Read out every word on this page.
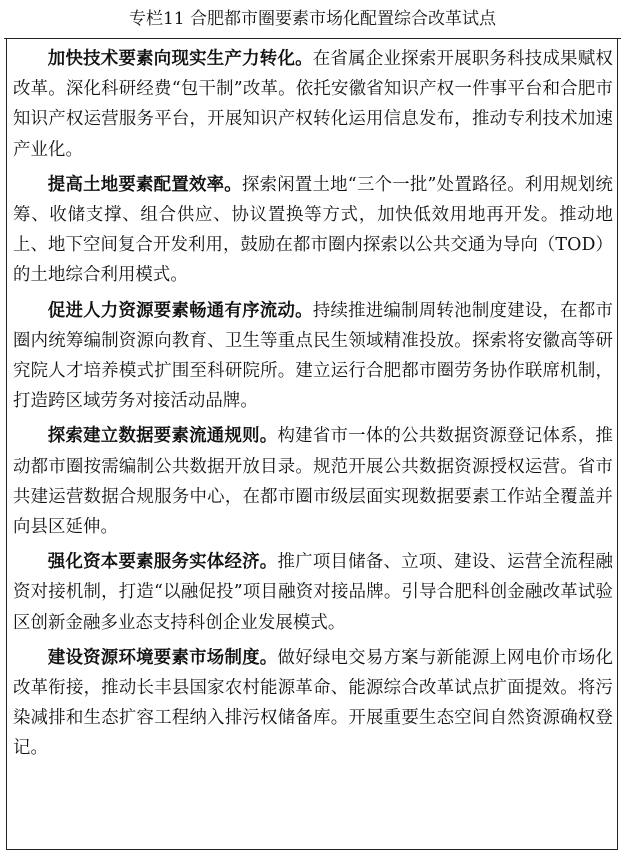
专栏11 合肥都市圈要素市场化配置综合改革试点

加快技术要素向现实生产力转化。在省属企业探索开展职务科技成果赋权改革。深化科研经费“包干制”改革。依托安徽省知识产权一件事平台和合肥市知识产权运营服务平台，开展知识产权转化运用信息发布，推动专利技术加速产业化。

提高土地要素配置效率。探索闲置土地“三个一批”处置路径。利用规划统筹、收储支撑、组合供应、协议置换等方式，加快低效用地再开发。推动地上、地下空间复合开发利用，鼓励在都市圈内探索以公共交通为导向（TOD）的土地综合利用模式。

促进人力资源要素畅通有序流动。持续推进编制周转池制度建设，在都市圈内统筹编制资源向教育、卫生等重点民生领域精准投放。探索将安徽高等研究院人才培养模式扩围至科研院所。建立运行合肥都市圈劳务协作联席机制，打造跨区域劳务对接活动品牌。

探索建立数据要素流通规则。构建省市一体的公共数据资源登记体系，推动都市圈按需编制公共数据开放目录。规范开展公共数据资源授权运营。省市共建运营数据合规服务中心，在都市圈市级层面实现数据要素工作站全覆盖并向县区延伸。

强化资本要素服务实体经济。推广项目储备、立项、建设、运营全流程融资对接机制，打造“以融促投”项目融资对接品牌。引导合肥科创金融改革试验区创新金融多业态支持科创企业发展模式。

建设资源环境要素市场制度。做好绿电交易方案与新能源上网电价市场化改革衔接，推动长丰县国家农村能源革命、能源综合改革试点扩面提效。将污染减排和生态扩容工程纳入排污权储备库。开展重要生态空间自然资源确权登记。
